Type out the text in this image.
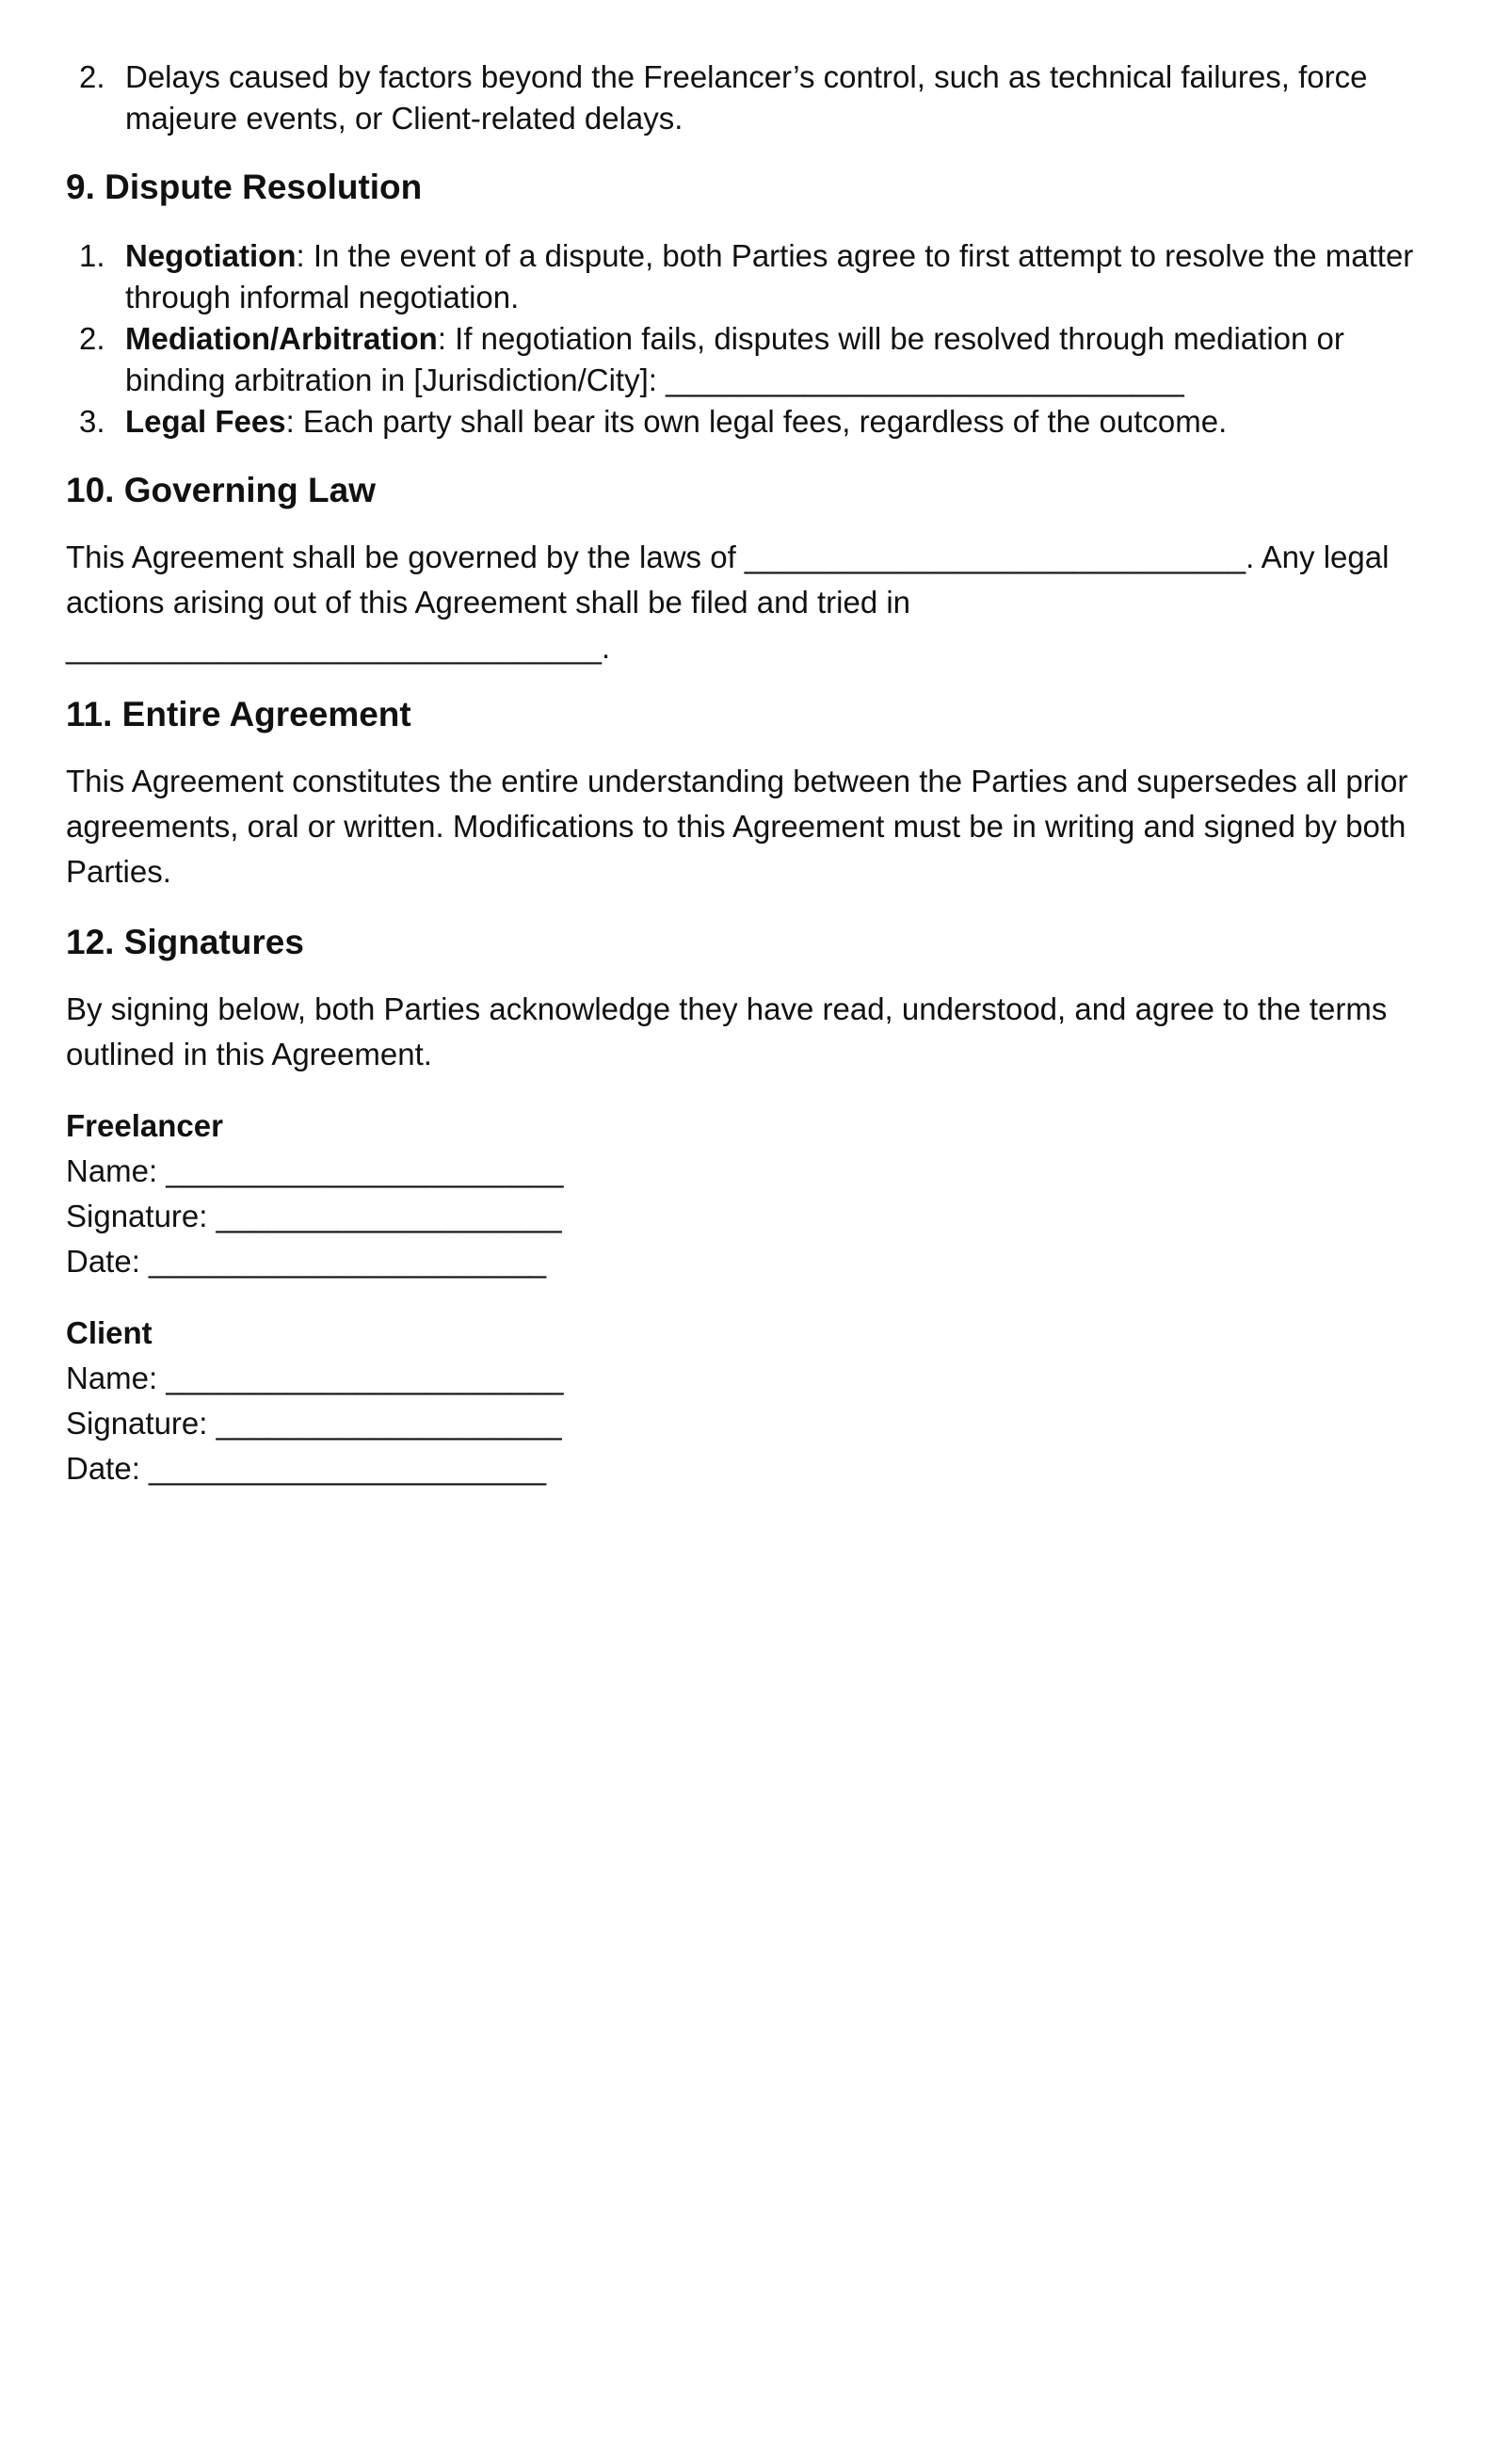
2. Delays caused by factors beyond the Freelancer’s control, such as technical failures, force majeure events, or Client-related delays.
9. Dispute Resolution
1. Negotiation: In the event of a dispute, both Parties agree to first attempt to resolve the matter through informal negotiation.
2. Mediation/Arbitration: If negotiation fails, disputes will be resolved through mediation or binding arbitration in [Jurisdiction/City]: ______________________________
3. Legal Fees: Each party shall bear its own legal fees, regardless of the outcome.
10. Governing Law

This Agreement shall be governed by the laws of _____________________________. Any legal actions arising out of this Agreement shall be filed and tried in _______________________________.

11. Entire Agreement

This Agreement constitutes the entire understanding between the Parties and supersedes all prior agreements, oral or written. Modifications to this Agreement must be in writing and signed by both Parties.

12. Signatures

By signing below, both Parties acknowledge they have read, understood, and agree to the terms outlined in this Agreement.

Freelancer

Name: _______________________

Signature: ____________________

Date: _______________________

Client

Name: _______________________

Signature: ____________________

Date: _______________________
